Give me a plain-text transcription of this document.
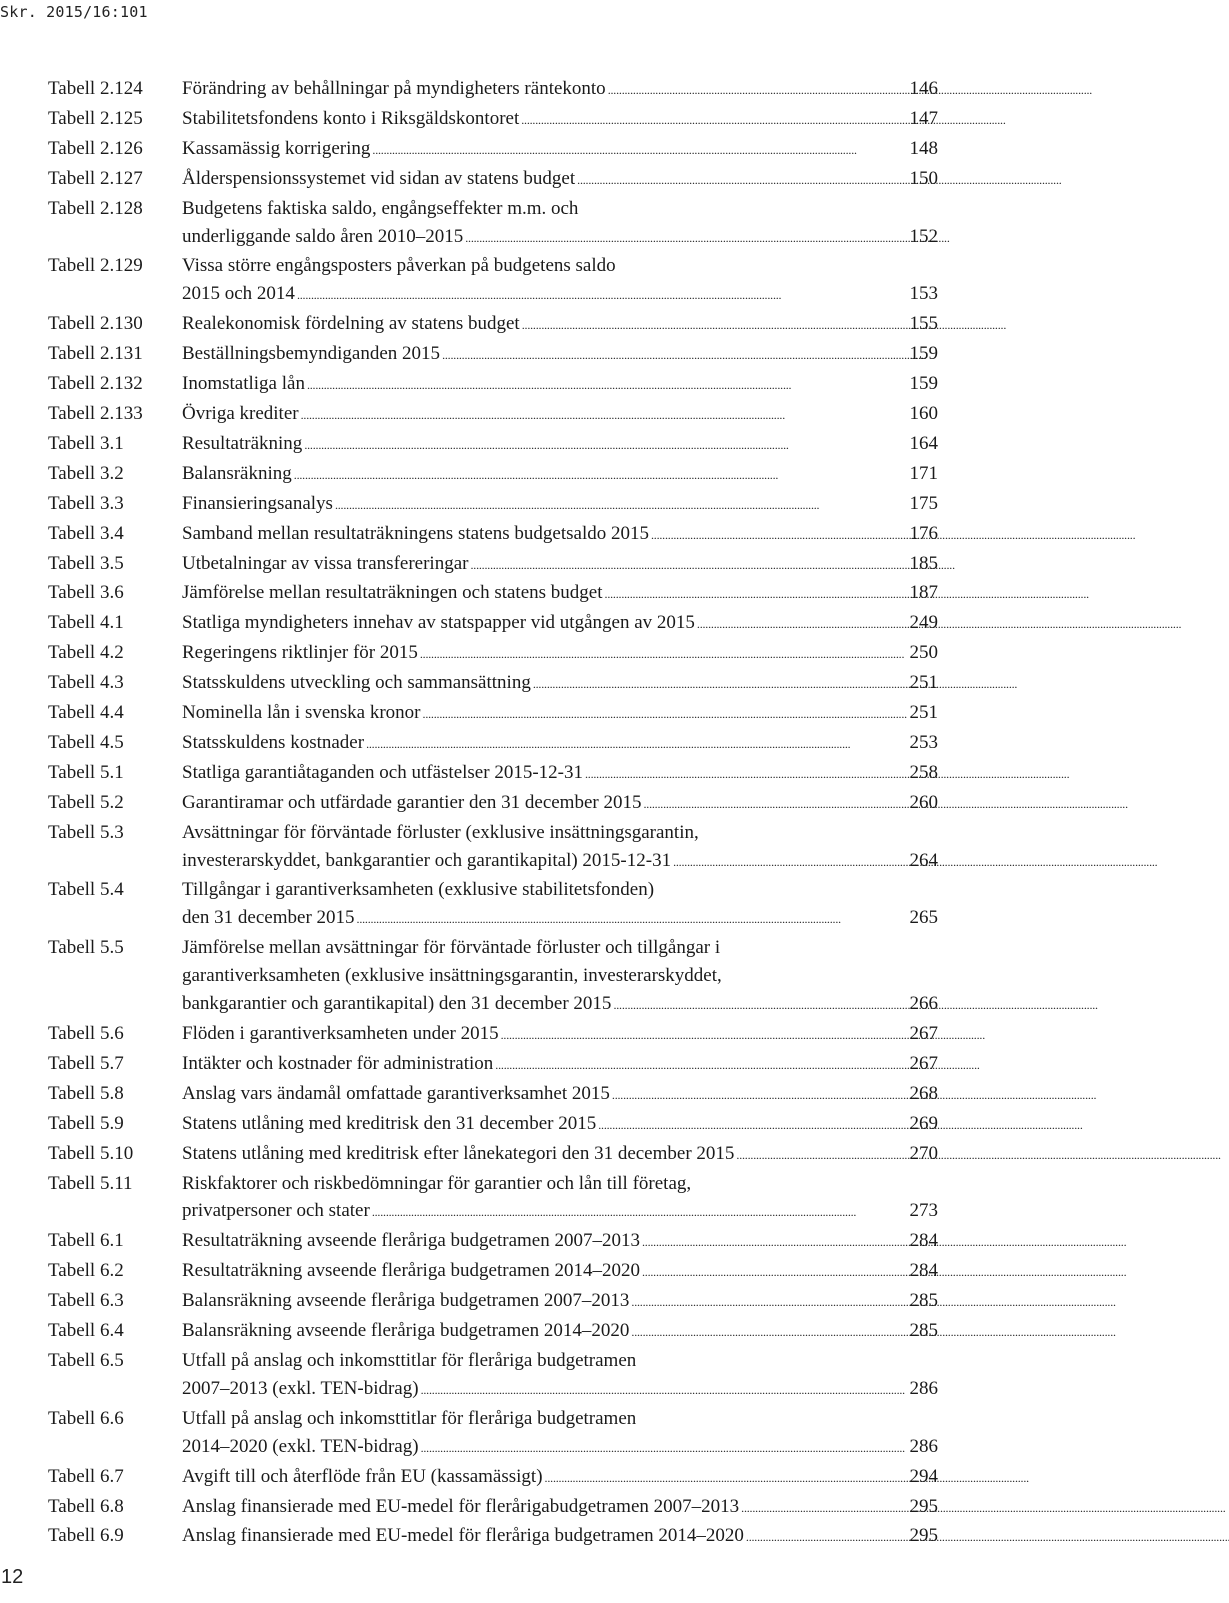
Skr. 2015/16:101
Tabell 2.124	Förändring av behållningar på myndigheters räntekonto . . .	146
Tabell 2.125	Stabilitetsfondens konto i Riksgäldskontoret . . .	147
Tabell 2.126	Kassamässig korrigering . . .	148
Tabell 2.127	Ålderspensionssystemet vid sidan av statens budget . . .	150
Tabell 2.128	Budgetens faktiska saldo, engångseffekter m.m. och
underliggande saldo åren 2010–2015 . . .	152
Tabell 2.129	Vissa större engångsposters påverkan på budgetens saldo
2015 och 2014 . . .	153
Tabell 2.130	Realekonomisk fördelning av statens budget . . .	155
Tabell 2.131	Beställningsbemyndiganden 2015 . . .	159
Tabell 2.132	Inomstatliga lån . . .	159
Tabell 2.133	Övriga krediter . . .	160
Tabell 3.1	Resultaträkning . . .	164
Tabell 3.2	Balansräkning . . .	171
Tabell 3.3	Finansieringsanalys . . .	175
Tabell 3.4	Samband mellan resultaträkningens statens budgetsaldo 2015 . . .	176
Tabell 3.5	Utbetalningar av vissa transfereringar . . .	185
Tabell 3.6	Jämförelse mellan resultaträkningen och statens budget . . .	187
Tabell 4.1	Statliga myndigheters innehav av statspapper vid utgången av 2015 . . .	249
Tabell 4.2	Regeringens riktlinjer för 2015 . . .	250
Tabell 4.3	Statsskuldens utveckling och sammansättning . . .	251
Tabell 4.4	Nominella lån i svenska kronor . . .	251
Tabell 4.5	Statsskuldens kostnader . . .	253
Tabell 5.1	Statliga garantiåtaganden och utfästelser 2015-12-31 . . .	258
Tabell 5.2	Garantiramar och utfärdade garantier den 31 december 2015 . . .	260
Tabell 5.3	Avsättningar för förväntade förluster (exklusive insättningsgarantin,
investerarskyddet, bankgarantier och garantikapital) 2015-12-31 . . .	264
Tabell 5.4	Tillgångar i garantiverksamheten (exklusive stabilitetsfonden)
den 31 december 2015 . . .	265
Tabell 5.5	Jämförelse mellan avsättningar för förväntade förluster och tillgångar i
garantiverksamheten (exklusive insättningsgarantin, investerarskyddet,
bankgarantier och garantikapital) den 31 december 2015 . . .	266
Tabell 5.6	Flöden i garantiverksamheten under 2015 . . .	267
Tabell 5.7	Intäkter och kostnader för administration . . .	267
Tabell 5.8	Anslag vars ändamål omfattade garantiverksamhet 2015 . . .	268
Tabell 5.9	Statens utlåning med kreditrisk den 31 december 2015 . . .	269
Tabell 5.10	Statens utlåning med kreditrisk efter lånekategori den 31 december 2015 . . .	270
Tabell 5.11	Riskfaktorer och riskbedömningar för garantier och lån till företag,
privatpersoner och stater . . .	273
Tabell 6.1	Resultaträkning avseende fleråriga budgetramen 2007–2013 . . .	284
Tabell 6.2	Resultaträkning avseende fleråriga budgetramen 2014–2020 . . .	284
Tabell 6.3	Balansräkning avseende fleråriga budgetramen 2007–2013 . . .	285
Tabell 6.4	Balansräkning avseende fleråriga budgetramen 2014–2020 . . .	285
Tabell 6.5	Utfall på anslag och inkomsttitlar för fleråriga budgetramen
2007–2013 (exkl. TEN-bidrag) . . .	286
Tabell 6.6	Utfall på anslag och inkomsttitlar för fleråriga budgetramen
2014–2020 (exkl. TEN-bidrag) . . .	286
Tabell 6.7	Avgift till och återflöde från EU (kassamässigt) . . .	294
Tabell 6.8	Anslag finansierade med EU-medel för flerårigabudgetramen 2007–2013 . . .	295
Tabell 6.9	Anslag finansierade med EU-medel för fleråriga budgetramen 2014–2020 . . .	295
12
